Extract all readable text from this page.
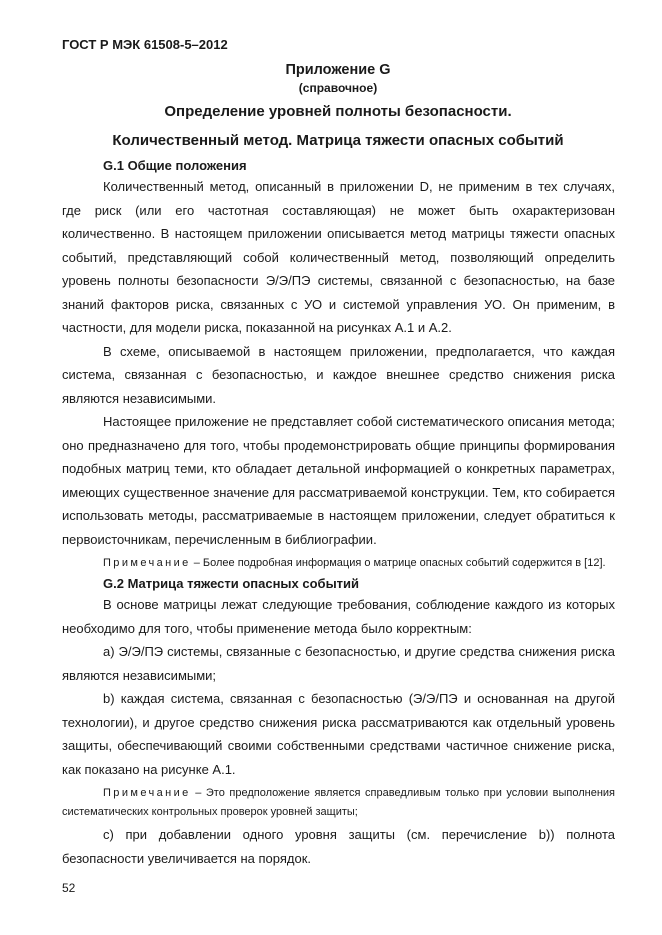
ГОСТ Р МЭК 61508-5–2012
Приложение G
(справочное)
Определение уровней полноты безопасности.
Количественный метод. Матрица тяжести опасных событий

G.1 Общие положения

Количественный метод, описанный в приложении D, не применим в тех случаях, где риск (или его частотная составляющая) не может быть охарактеризован количественно. В настоящем приложении описывается метод матрицы тяжести опасных событий, представляющий собой количественный метод, позволяющий определить уровень полноты безопасности Э/Э/ПЭ системы, связанной с безопасностью, на базе знаний факторов риска, связанных с УО и системой управления УО. Он применим, в частности, для модели риска, показанной на рисунках А.1 и А.2.

В схеме, описываемой в настоящем приложении, предполагается, что каждая система, связанная с безопасностью, и каждое внешнее средство снижения риска являются независимыми.

Настоящее приложение не представляет собой систематического описания метода; оно предназначено для того, чтобы продемонстрировать общие принципы формирования подобных матриц теми, кто обладает детальной информацией о конкретных параметрах, имеющих существенное значение для рассматриваемой конструкции. Тем, кто собирается использовать методы, рассматриваемые в настоящем приложении, следует обратиться к первоисточникам, перечисленным в библиографии.

Примечание – Более подробная информация о матрице опасных событий содержится в [12].

G.2 Матрица тяжести опасных событий

В основе матрицы лежат следующие требования, соблюдение каждого из которых необходимо для того, чтобы применение метода было корректным:

а) Э/Э/ПЭ системы, связанные с безопасностью, и другие средства снижения риска являются независимыми;

b) каждая система, связанная с безопасностью (Э/Э/ПЭ и основанная на другой технологии), и другое средство снижения риска рассматриваются как отдельный уровень защиты, обеспечивающий своими собственными средствами частичное снижение риска, как показано на рисунке А.1.

Примечание – Это предположение является справедливым только при условии выполнения систематических контрольных проверок уровней защиты;

с) при добавлении одного уровня защиты (см. перечисление b)) полнота безопасности увеличивается на порядок.

52
